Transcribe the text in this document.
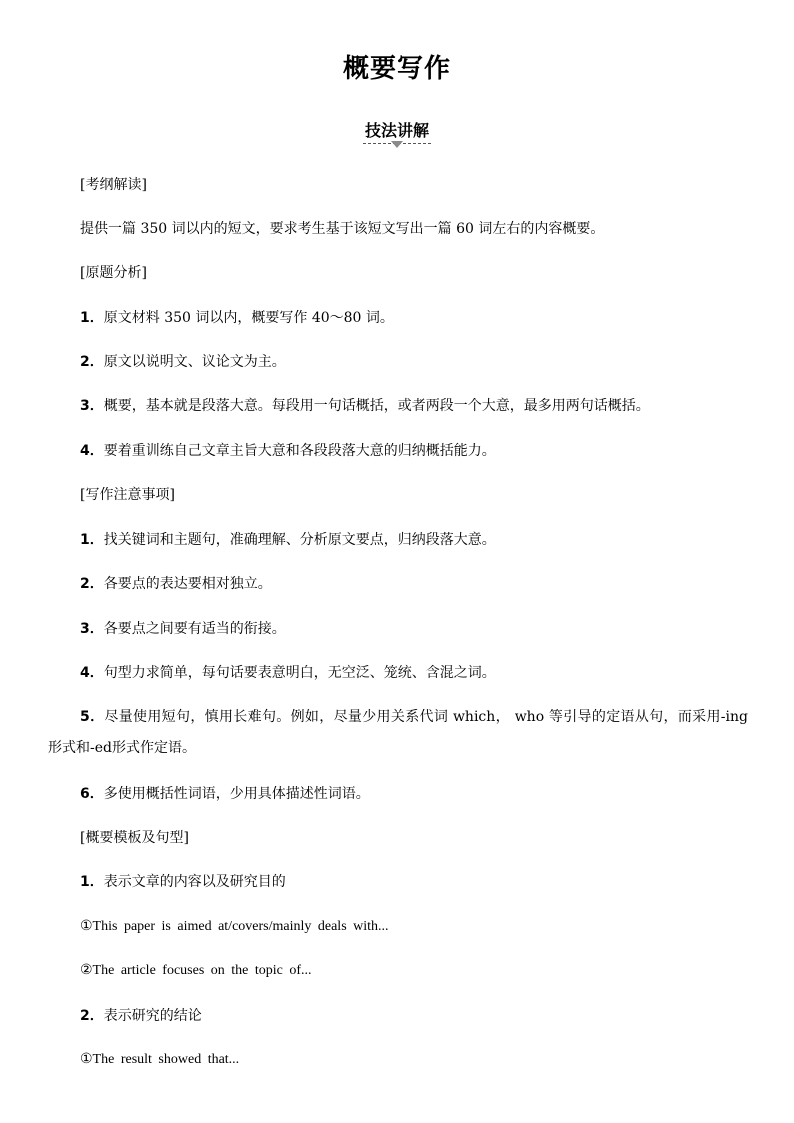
概要写作
技法讲解
[考纲解读]
提供一篇 350 词以内的短文，要求考生基于该短文写出一篇 60 词左右的内容概要。
[原题分析]
1．原文材料 350 词以内，概要写作 40～80 词。
2．原文以说明文、议论文为主。
3．概要，基本就是段落大意。每段用一句话概括，或者两段一个大意，最多用两句话概括。
4．要着重训练自己文章主旨大意和各段段落大意的归纳概括能力。
[写作注意事项]
1．找关键词和主题句，准确理解、分析原文要点，归纳段落大意。
2．各要点的表达要相对独立。
3．各要点之间要有适当的衔接。
4．句型力求简单，每句话要表意明白，无空泛、笼统、含混之词。
5．尽量使用短句，慎用长难句。例如，尽量少用关系代词 which， who 等引导的定语从句，而采用-ing 形式和-ed形式作定语。
6．多使用概括性词语，少用具体描述性词语。
[概要模板及句型]
1．表示文章的内容以及研究目的
①This paper is aimed at/covers/mainly deals with...
②The article focuses on the topic of...
2．表示研究的结论
①The result showed that...
